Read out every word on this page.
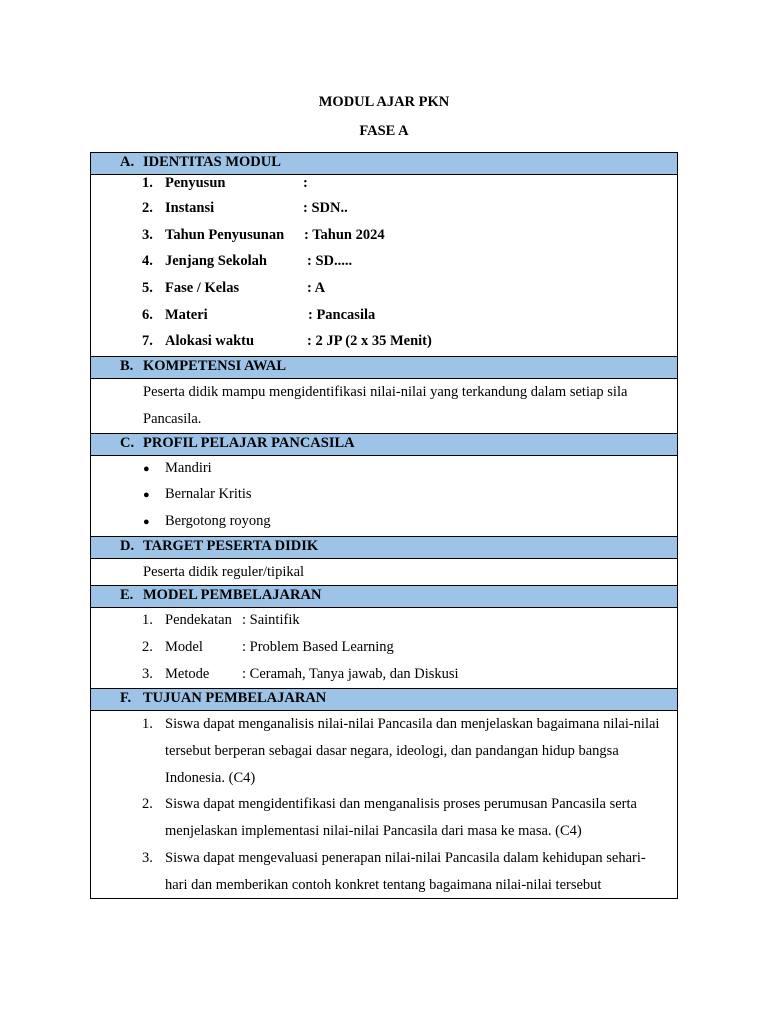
MODUL AJAR PKN
FASE A
A. IDENTITAS MODUL
1. Penyusun	:
2. Instansi	: SDN..
3. Tahun Penyusunan : Tahun 2024
4. Jenjang Sekolah	: SD.....
5. Fase / Kelas	: A
6. Materi	: Pancasila
7. Alokasi waktu	: 2 JP (2 x 35 Menit)
B. KOMPETENSI AWAL
Peserta didik mampu mengidentifikasi nilai-nilai yang terkandung dalam setiap sila Pancasila.
C. PROFIL PELAJAR PANCASILA
● Mandiri
● Bernalar Kritis
● Bergotong royong
D. TARGET PESERTA DIDIK
Peserta didik reguler/tipikal
E. MODEL PEMBELAJARAN
1. Pendekatan : Saintifik
2. Model	: Problem Based Learning
3. Metode : Ceramah, Tanya jawab, dan Diskusi
F. TUJUAN PEMBELAJARAN
1. Siswa dapat menganalisis nilai-nilai Pancasila dan menjelaskan bagaimana nilai-nilai tersebut berperan sebagai dasar negara, ideologi, dan pandangan hidup bangsa Indonesia. (C4)
2. Siswa dapat mengidentifikasi dan menganalisis proses perumusan Pancasila serta menjelaskan implementasi nilai-nilai Pancasila dari masa ke masa. (C4)
3. Siswa dapat mengevaluasi penerapan nilai-nilai Pancasila dalam kehidupan sehari-hari dan memberikan contoh konkret tentang bagaimana nilai-nilai tersebut
